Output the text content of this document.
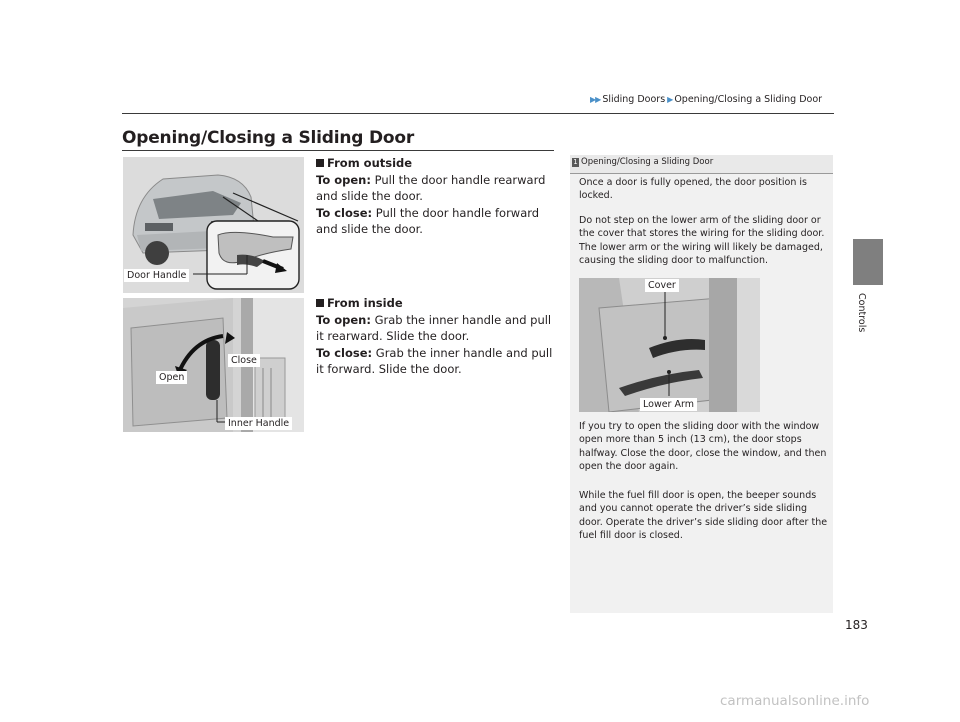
▶▶ Sliding Doors ▶ Opening/Closing a Sliding Door
Opening/Closing a Sliding Door
Controls
Door Handle
Close
Open
Inner Handle
From outside
To open: Pull the door handle rearward and slide the door.
To close: Pull the door handle forward and slide the door.
From inside
To open: Grab the inner handle and pull it rearward. Slide the door.
To close: Grab the inner handle and pull it forward. Slide the door.
1 Opening/Closing a Sliding Door
Once a door is fully opened, the door position is locked.
Do not step on the lower arm of the sliding door or the cover that stores the wiring for the sliding door. The lower arm or the wiring will likely be damaged, causing the sliding door to malfunction.
Cover
Lower Arm
If you try to open the sliding door with the window open more than 5 inch (13 cm), the door stops halfway. Close the door, close the window, and then open the door again.
While the fuel fill door is open, the beeper sounds and you cannot operate the driver’s side sliding door. Operate the driver’s side sliding door after the fuel fill door is closed.
183
carmanualsonline.info
